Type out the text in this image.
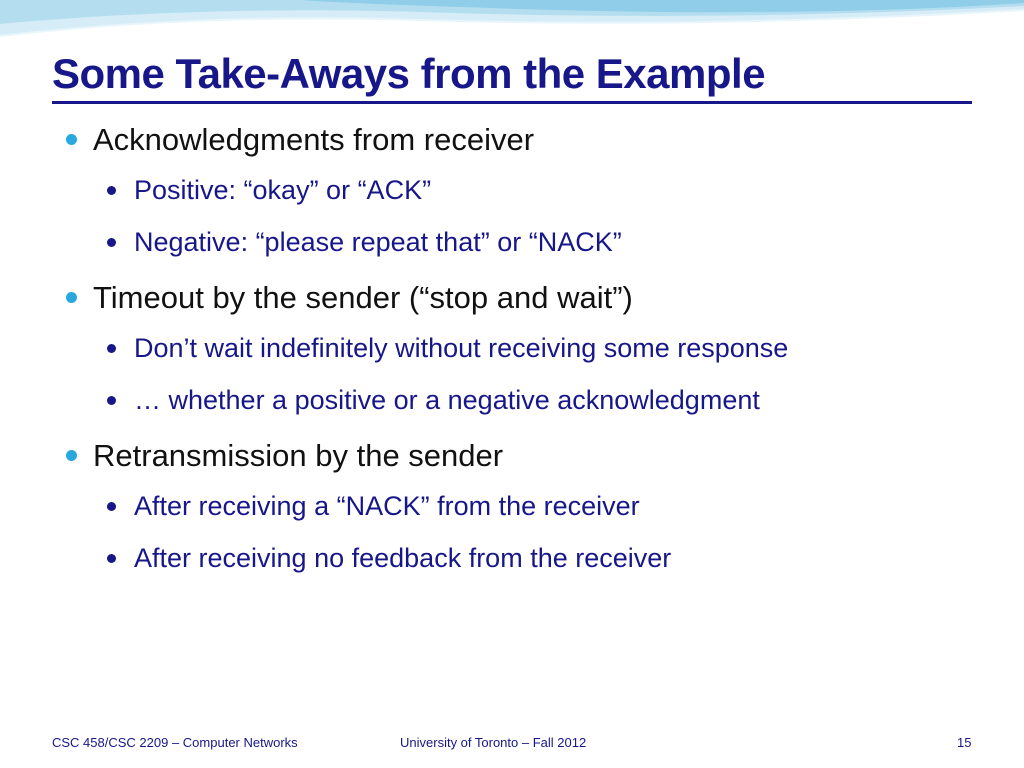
Some Take-Aways from the Example
Acknowledgments from receiver
Positive: “okay” or “ACK”
Negative: “please repeat that” or “NACK”
Timeout by the sender (“stop and wait”)
Don’t wait indefinitely without receiving some response
… whether a positive or a negative acknowledgment
Retransmission by the sender
After receiving a “NACK” from the receiver
After receiving no feedback from the receiver
CSC 458/CSC 2209 – Computer Networks	University of Toronto – Fall 2012	15
